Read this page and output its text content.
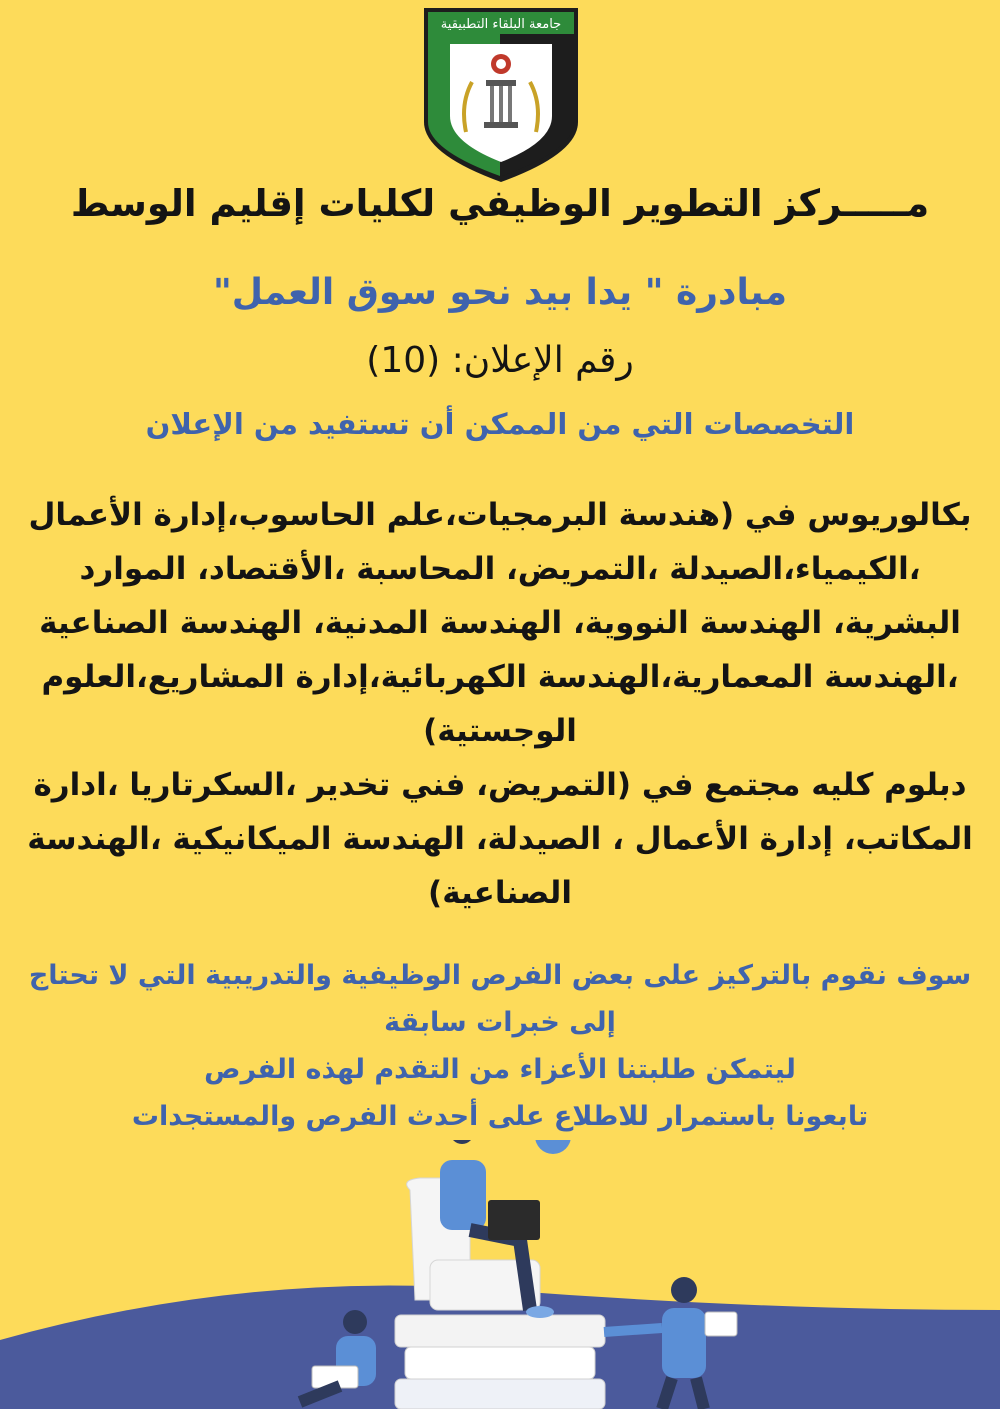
جامعة البلقاء التطبيقية
مـــــركز التطوير الوظيفي لكليات إقليم الوسط
مبادرة " يدا بيد نحو سوق العمل"
رقم الإعلان: (10)
التخصصات التي من الممكن أن تستفيد من الإعلان

بكالوريوس في (هندسة البرمجيات،علم الحاسوب،إدارة الأعمال ،الكيمياء،الصيدلة ،التمريض، المحاسبة ،الأقتصاد، الموارد البشرية، الهندسة النووية، الهندسة المدنية، الهندسة الصناعية ،الهندسة المعمارية،الهندسة الكهربائية،إدارة المشاريع،العلوم الوجستية)

دبلوم كليه مجتمع في (التمريض، فني تخدير ،السكرتاريا ،ادارة المكاتب، إدارة الأعمال ، الصيدلة، الهندسة الميكانيكية ،الهندسة الصناعية)

سوف نقوم بالتركيز على بعض الفرص الوظيفية والتدريبية التي لا تحتاج إلى خبرات سابقة

ليتمكن طلبتنا الأعزاء من التقدم لهذه الفرص

تابعونا باستمرار للاطلاع على أحدث الفرص والمستجدات
